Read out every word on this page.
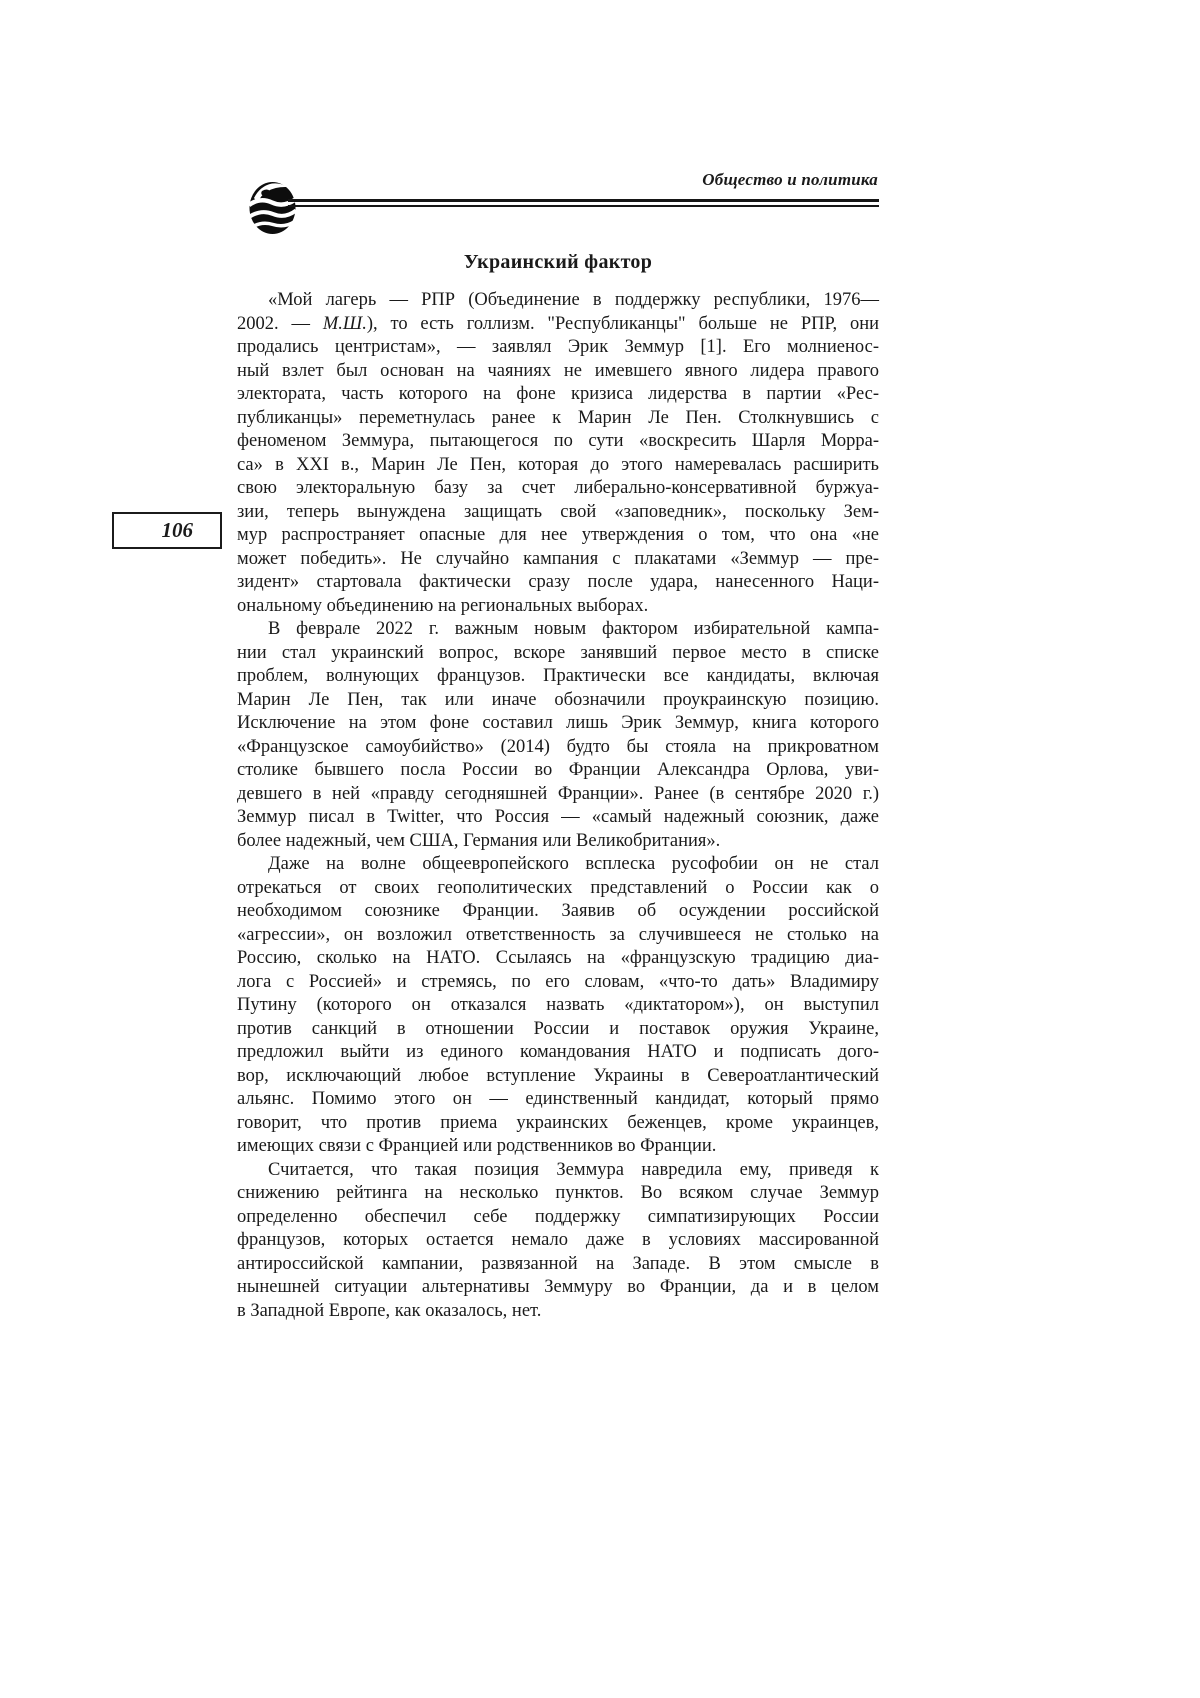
Общество и политика
106
Украинский фактор

«Мой лагерь — РПР (Объединение в поддержку республики, 1976—
2002. — М.Ш.), то есть голлизм. "Республиканцы" больше не РПР, они
продались центристам», — заявлял Эрик Земмур [1]. Его молниенос-
ный взлет был основан на чаяниях не имевшего явного лидера правого
электората, часть которого на фоне кризиса лидерства в партии «Рес-
публиканцы» переметнулась ранее к Марин Ле Пен. Столкнувшись с
феноменом Земмура, пытающегося по сути «воскресить Шарля Морра-
са» в XXI в., Марин Ле Пен, которая до этого намеревалась расширить
свою электоральную базу за счет либерально-консервативной буржуа-
зии, теперь вынуждена защищать свой «заповедник», поскольку Зем-
мур распространяет опасные для нее утверждения о том, что она «не
может победить». Не случайно кампания с плакатами «Земмур — пре-
зидент» стартовала фактически сразу после удара, нанесенного Наци-
ональному объединению на региональных выборах.

В феврале 2022 г. важным новым фактором избирательной кампа-
нии стал украинский вопрос, вскоре занявший первое место в списке
проблем, волнующих французов. Практически все кандидаты, включая
Марин Ле Пен, так или иначе обозначили проукраинскую позицию.
Исключение на этом фоне составил лишь Эрик Земмур, книга которого
«Французское самоубийство» (2014) будто бы стояла на прикроватном
столике бывшего посла России во Франции Александра Орлова, уви-
девшего в ней «правду сегодняшней Франции». Ранее (в сентябре 2020 г.)
Земмур писал в Twitter, что Россия — «самый надежный союзник, даже
более надежный, чем США, Германия или Великобритания».

Даже на волне общеевропейского всплеска русофобии он не стал
отрекаться от своих геополитических представлений о России как о
необходимом союзнике Франции. Заявив об осуждении российской
«агрессии», он возложил ответственность за случившееся не столько на
Россию, сколько на НАТО. Ссылаясь на «французскую традицию диа-
лога с Россией» и стремясь, по его словам, «что-то дать» Владимиру
Путину (которого он отказался назвать «диктатором»), он выступил
против санкций в отношении России и поставок оружия Украине,
предложил выйти из единого командования НАТО и подписать дого-
вор, исключающий любое вступление Украины в Североатлантический
альянс. Помимо этого он — единственный кандидат, который прямо
говорит, что против приема украинских беженцев, кроме украинцев,
имеющих связи с Францией или родственников во Франции.

Считается, что такая позиция Земмура навредила ему, приведя к
снижению рейтинга на несколько пунктов. Во всяком случае Земмур
определенно обеспечил себе поддержку симпатизирующих России
французов, которых остается немало даже в условиях массированной
антироссийской кампании, развязанной на Западе. В этом смысле в
нынешней ситуации альтернативы Земмуру во Франции, да и в целом
в Западной Европе, как оказалось, нет.
